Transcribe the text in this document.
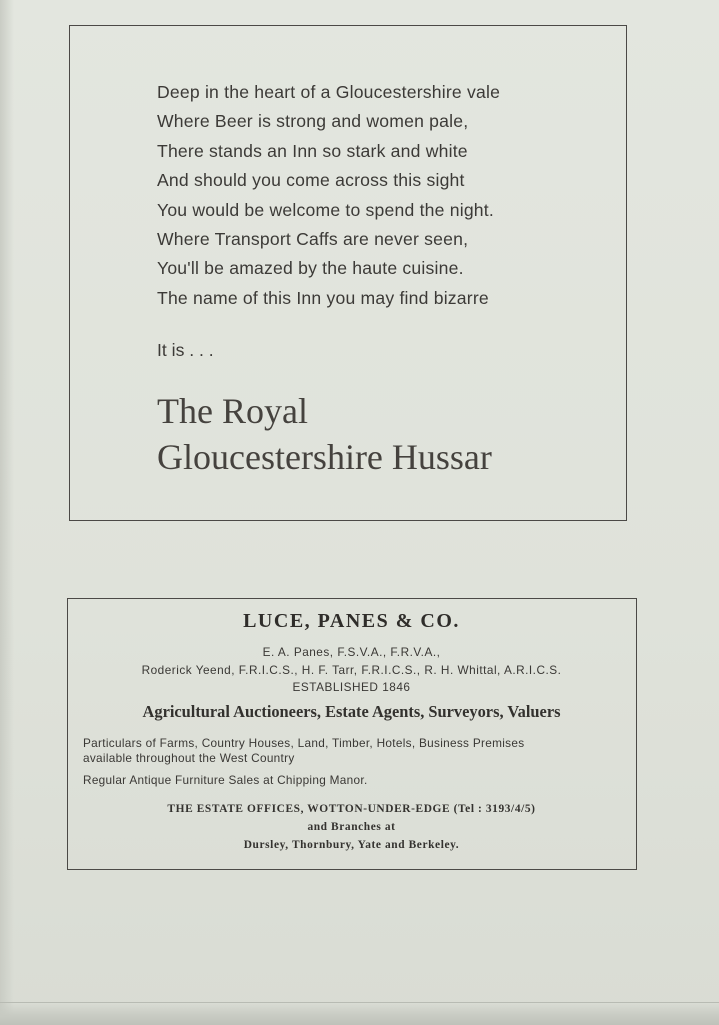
Deep in the heart of a Gloucestershire vale
Where Beer is strong and women pale,
There stands an Inn so stark and white
And should you come across this sight
You would be welcome to spend the night.
Where Transport Caffs are never seen,
You'll be amazed by the haute cuisine.
The name of this Inn you may find bizarre
It is . . .
The Royal
Gloucestershire Hussar
LUCE, PANES & CO.
E. A. Panes, F.S.V.A., F.R.V.A.,
Roderick Yeend, F.R.I.C.S., H. F. Tarr, F.R.I.C.S., R. H. Whittal, A.R.I.C.S.
ESTABLISHED 1846
Agricultural Auctioneers, Estate Agents, Surveyors, Valuers
Particulars of Farms, Country Houses, Land, Timber, Hotels, Business Premises
available throughout the West Country
Regular Antique Furniture Sales at Chipping Manor.
THE ESTATE OFFICES, WOTTON-UNDER-EDGE (Tel : 3193/4/5)
and Branches at
Dursley, Thornbury, Yate and Berkeley.
